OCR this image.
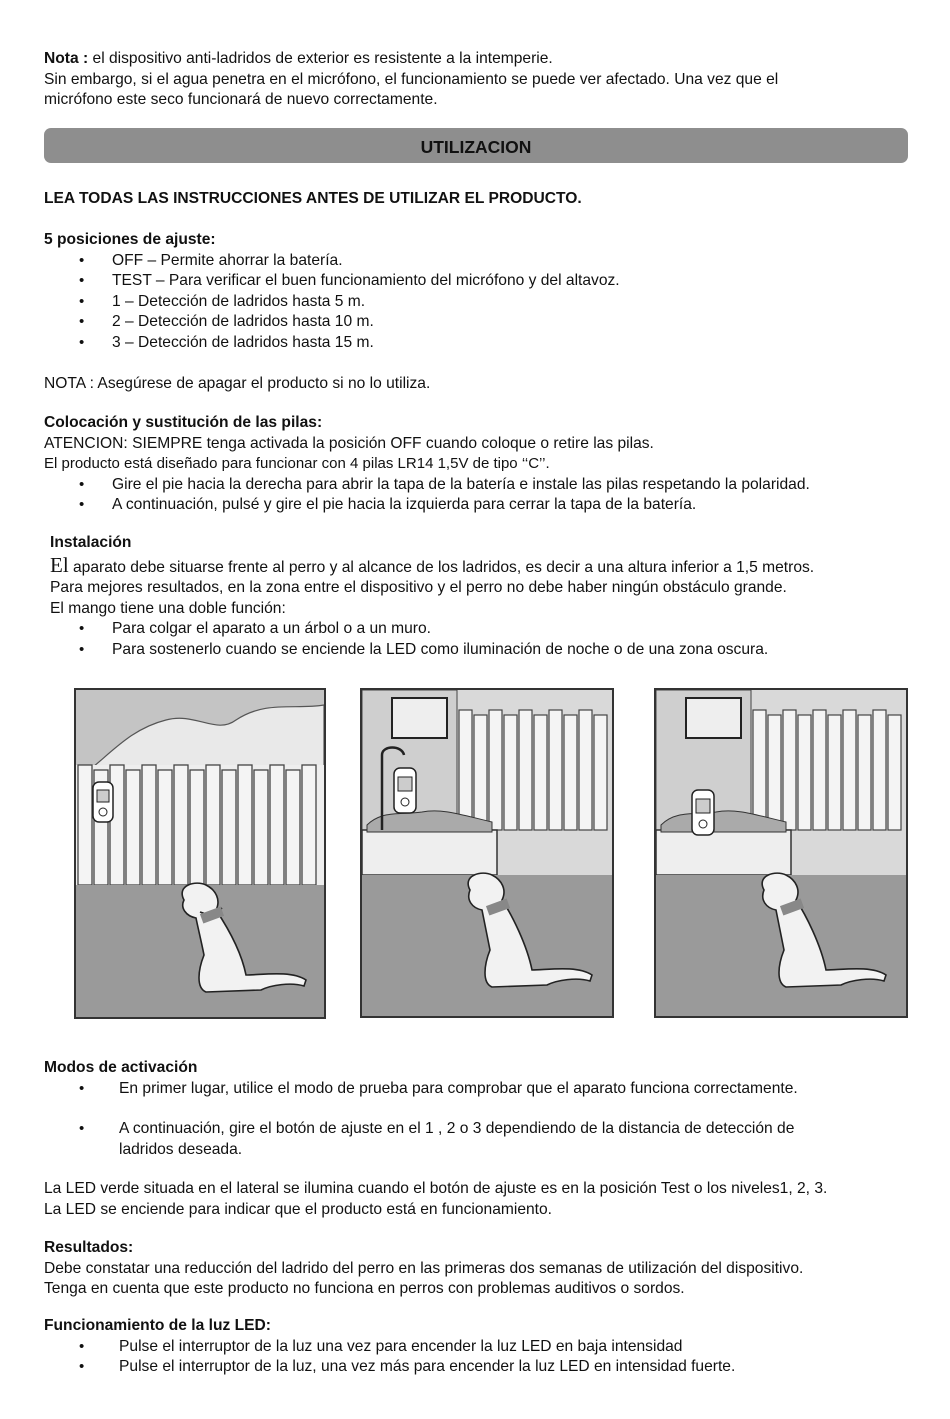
Nota : el dispositivo anti-ladridos de exterior es resistente a la intemperie.
Sin embargo, si el agua penetra en el micrófono, el funcionamiento se puede ver afectado. Una vez que el
micrófono este seco funcionará de nuevo correctamente.
UTILIZACION
LEA TODAS LAS INSTRUCCIONES ANTES DE UTILIZAR EL PRODUCTO.
5 posiciones de ajuste:
• OFF – Permite ahorrar la batería.
• TEST – Para verificar el buen funcionamiento del micrófono y del altavoz.
• 1 – Detección de ladridos hasta 5 m.
• 2 – Detección de ladridos hasta 10 m.
• 3 – Detección de ladridos hasta 15 m.
NOTA : Asegúrese de apagar el producto si no lo utiliza.
Colocación y sustitución de las pilas:
ATENCION: SIEMPRE tenga activada la posición OFF cuando coloque o retire las pilas.
El producto está diseñado para funcionar con 4 pilas LR14 1,5V de tipo ‘‘C’’.
• Gire el pie hacia la derecha para abrir la tapa de la batería e instale las pilas respetando la polaridad.
• A continuación, pulsé y gire el pie hacia la izquierda para cerrar la tapa de la batería.
Instalación
El aparato debe situarse frente al perro y al alcance de los ladridos, es decir a una altura inferior a 1,5 metros.
Para mejores resultados, en la zona entre el dispositivo y el perro no debe haber ningún obstáculo grande.
El mango tiene una doble función:
• Para colgar el aparato a un árbol o a un muro.
• Para sostenerlo cuando se enciende la LED como iluminación de noche o de una zona oscura.
Modos de activación
• En primer lugar, utilice el modo de prueba para comprobar que el aparato funciona correctamente.
• A continuación, gire el botón de ajuste en el 1 , 2 o 3 dependiendo de la distancia de detección de
ladridos deseada.
La LED verde situada en el lateral se ilumina cuando el botón de ajuste es en la posición Test o los niveles1, 2, 3.
La LED se enciende para indicar que el producto está en funcionamiento.
Resultados:
Debe constatar una reducción del ladrido del perro en las primeras dos semanas de utilización del dispositivo.
Tenga en cuenta que este producto no funciona en perros con problemas auditivos o sordos.
Funcionamiento de la luz LED:
• Pulse el interruptor de la luz una vez para encender la luz LED en baja intensidad
• Pulse el interruptor de la luz, una vez más para encender la luz LED en intensidad fuerte.
